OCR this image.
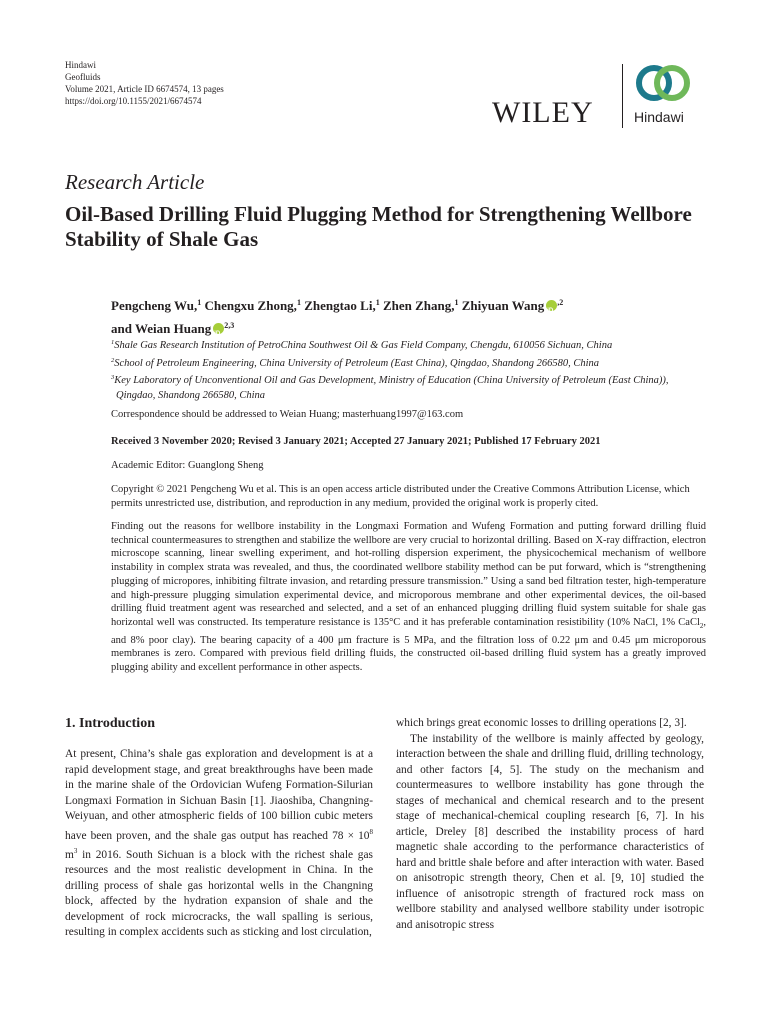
Hindawi
Geofluids
Volume 2021, Article ID 6674574, 13 pages
https://doi.org/10.1155/2021/6674574	WILEY	Hindawi
Research Article
Oil-Based Drilling Fluid Plugging Method for Strengthening Wellbore Stability of Shale Gas
Pengcheng Wu,$^1$ Chengxu Zhong,$^1$ Zhengtao Li,$^1$ Zhen Zhang,$^1$ Zhiyuan Wang iD $^{,2}$
and Weian Huang iD $^{2,3}$
$^1$Shale Gas Research Institution of PetroChina Southwest Oil & Gas Field Company, Chengdu, 610056 Sichuan, China
$^2$School of Petroleum Engineering, China University of Petroleum (East China), Qingdao, Shandong 266580, China
$^3$Key Laboratory of Unconventional Oil and Gas Development, Ministry of Education (China University of Petroleum (East China)),
Qingdao, Shandong 266580, China
Correspondence should be addressed to Weian Huang; masterhuang1997@163.com
Received 3 November 2020; Revised 3 January 2021; Accepted 27 January 2021; Published 17 February 2021
Academic Editor: Guanglong Sheng
Copyright © 2021 Pengcheng Wu et al. This is an open access article distributed under the Creative Commons Attribution License, which permits unrestricted use, distribution, and reproduction in any medium, provided the original work is properly cited.
Finding out the reasons for wellbore instability in the Longmaxi Formation and Wufeng Formation and putting forward drilling fluid technical countermeasures to strengthen and stabilize the wellbore are very crucial to horizontal drilling. Based on X-ray diffraction, electron microscope scanning, linear swelling experiment, and hot-rolling dispersion experiment, the physicochemical mechanism of wellbore instability in complex strata was revealed, and thus, the coordinated wellbore stability method can be put forward, which is “strengthening plugging of micropores, inhibiting filtrate invasion, and retarding pressure transmission.” Using a sand bed filtration tester, high-temperature and high-pressure plugging simulation experimental device, and microporous membrane and other experimental devices, the oil-based drilling fluid treatment agent was researched and selected, and a set of an enhanced plugging drilling fluid system suitable for shale gas horizontal well was constructed. Its temperature resistance is 135°C and it has preferable contamination resistibility (10% NaCl, 1% CaCl$_2$, and 8% poor clay). The bearing capacity of a 400 μm fracture is 5 MPa, and the filtration loss of 0.22 μm and 0.45 μm microporous membranes is zero. Compared with previous field drilling fluids, the constructed oil-based drilling fluid system has a greatly improved plugging ability and excellent performance in other aspects.
1. Introduction

At present, China’s shale gas exploration and development is at a rapid development stage, and great breakthroughs have been made in the marine shale of the Ordovician Wufeng Formation-Silurian Longmaxi Formation in Sichuan Basin [1]. Jiaoshiba, Changning-Weiyuan, and other atmospheric fields of 100 billion cubic meters have been proven, and the shale gas output has reached $78 \times 10^8$ $m^3$ in 2016. South Sichuan is a block with the richest shale gas resources and the most realistic development in China. In the drilling process of shale gas horizontal wells in the Changning block, affected by the hydration expansion of shale and the development of rock microcracks, the wall spalling is serious, resulting in complex accidents such as sticking and lost circulation,

which brings great economic losses to drilling operations [2, 3].

The instability of the wellbore is mainly affected by geology, interaction between the shale and drilling fluid, drilling technology, and other factors [4, 5]. The study on the mechanism and countermeasures to wellbore instability has gone through the stages of mechanical and chemical research and to the present stage of mechanical-chemical coupling research [6, 7]. In his article, Dreley [8] described the instability process of hard magnetic shale according to the performance characteristics of hard and brittle shale before and after interaction with water. Based on anisotropic strength theory, Chen et al. [9, 10] studied the influence of anisotropic strength of fractured rock mass on wellbore stability and analysed wellbore stability under isotropic and anisotropic stress
